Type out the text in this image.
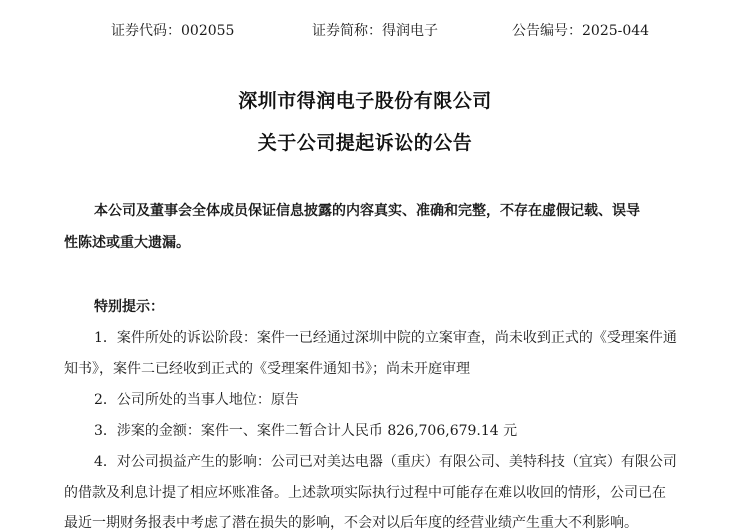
证券代码：002055	证券简称：得润电子	公告编号：2025-044
深圳市得润电子股份有限公司
关于公司提起诉讼的公告
本公司及董事会全体成员保证信息披露的内容真实、准确和完整，不存在虚假记载、误导
性陈述或重大遗漏。
特别提示：
1．案件所处的诉讼阶段：案件一已经通过深圳中院的立案审查，尚未收到正式的《受理案件通
知书》，案件二已经收到正式的《受理案件通知书》；尚未开庭审理
2．公司所处的当事人地位：原告
3．涉案的金额：案件一、案件二暂合计人民币 826,706,679.14 元
4．对公司损益产生的影响：公司已对美达电器（重庆）有限公司、美特科技（宜宾）有限公司
的借款及利息计提了相应坏账准备。上述款项实际执行过程中可能存在难以收回的情形，公司已在
最近一期财务报表中考虑了潜在损失的影响，不会对以后年度的经营业绩产生重大不利影响。
